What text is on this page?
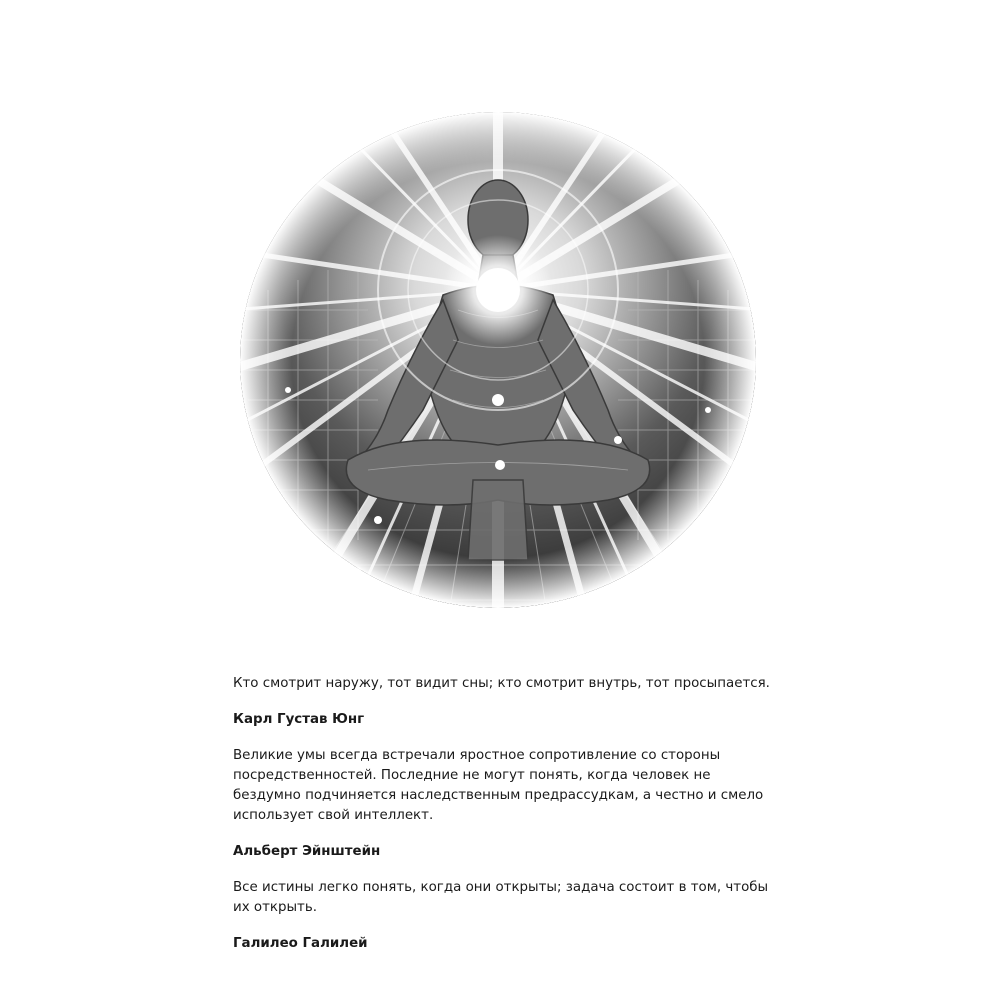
Кто смотрит наружу, тот видит сны; кто смотрит внутрь, тот просыпается.

Карл Густав Юнг

Великие умы всегда встречали яростное сопротивление со стороны посредственностей. Последние не могут понять, когда человек не бездумно подчиняется наследственным предрассудкам, а честно и смело использует свой интеллект.

Альберт Эйнштейн

Все истины легко понять, когда они открыты; задача состоит в том, чтобы их открыть.

Галилео Галилей
